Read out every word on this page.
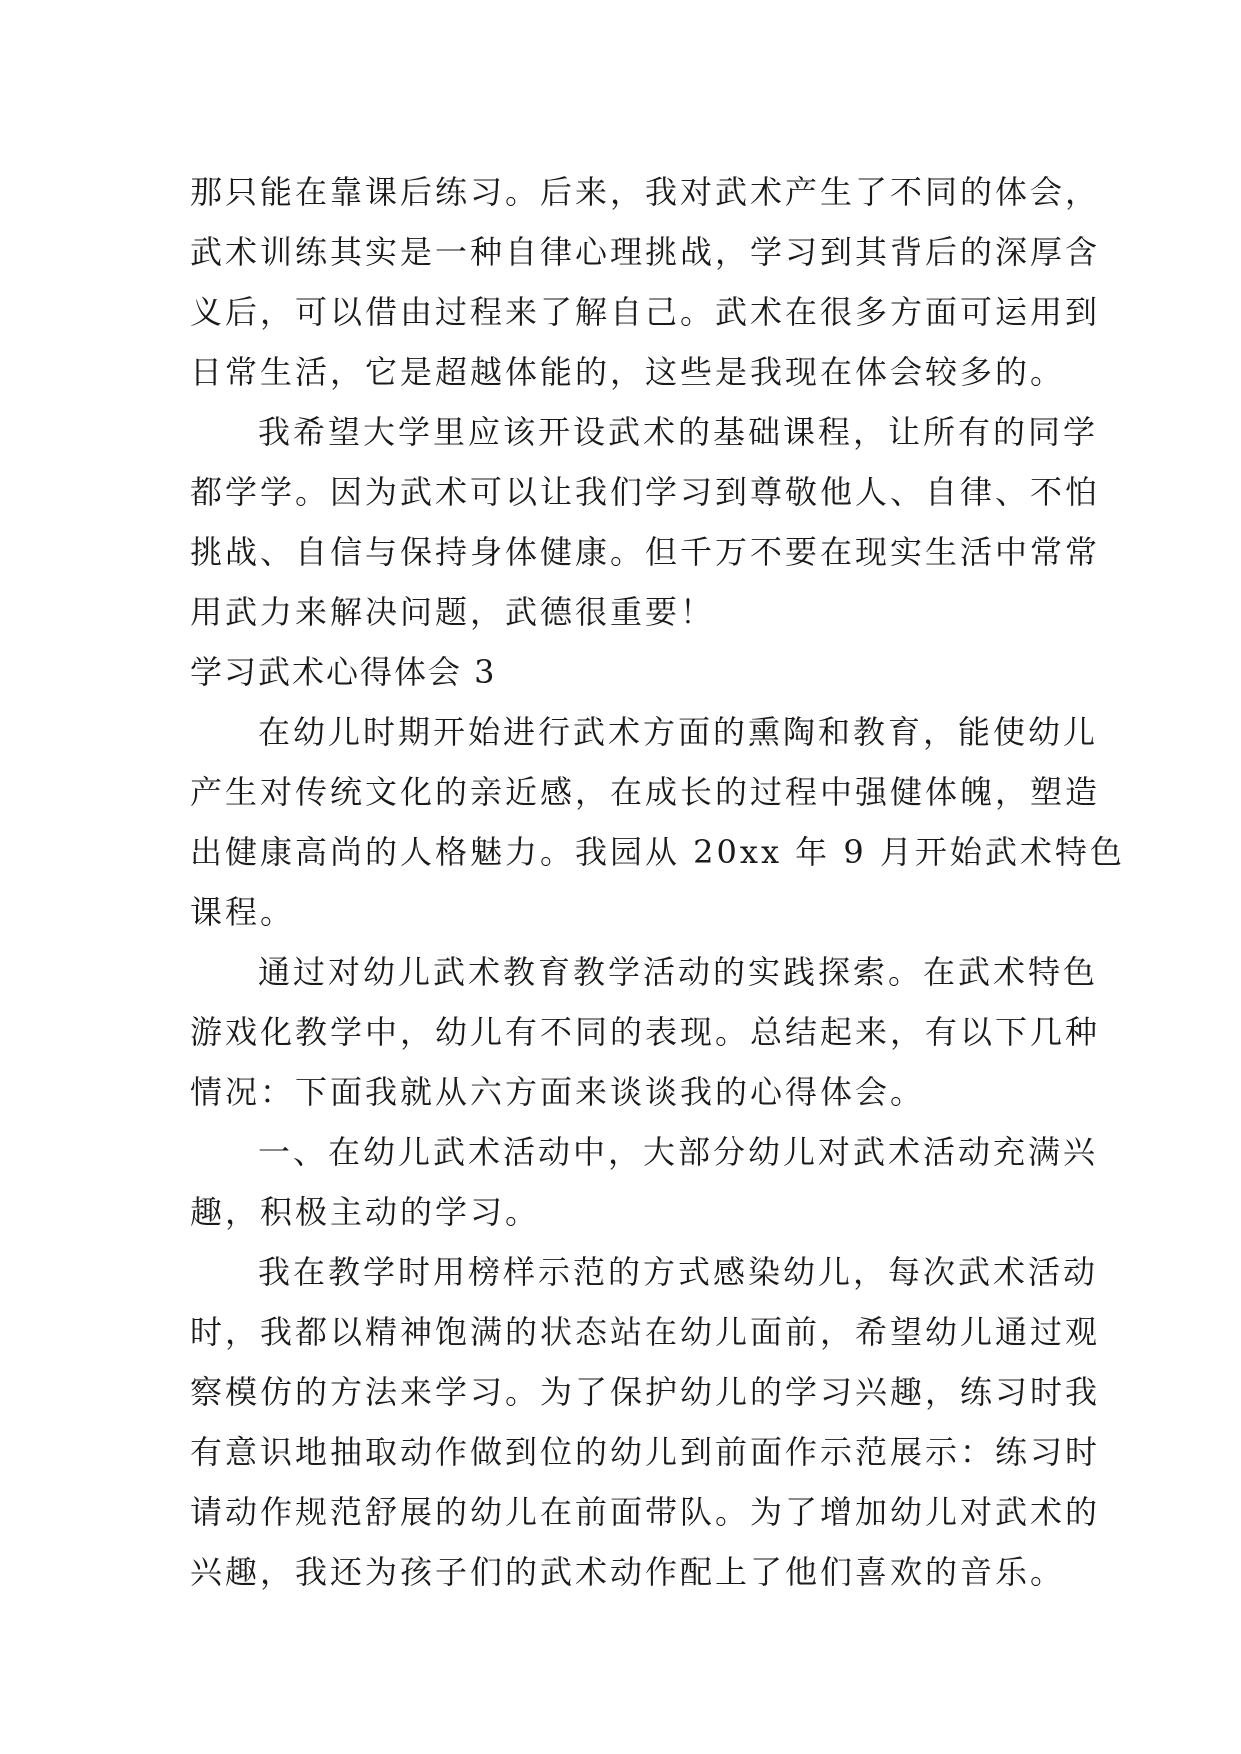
那只能在靠课后练习。后来，我对武术产生了不同的体会，
武术训练其实是一种自律心理挑战，学习到其背后的深厚含
义后，可以借由过程来了解自己。武术在很多方面可运用到
日常生活，它是超越体能的，这些是我现在体会较多的。
我希望大学里应该开设武术的基础课程，让所有的同学
都学学。因为武术可以让我们学习到尊敬他人、自律、不怕
挑战、自信与保持身体健康。但千万不要在现实生活中常常
用武力来解决问题，武德很重要！
学习武术心得体会 3
在幼儿时期开始进行武术方面的熏陶和教育，能使幼儿
产生对传统文化的亲近感，在成长的过程中强健体魄，塑造
出健康高尚的人格魅力。我园从 20xx 年 9 月开始武术特色
课程。
通过对幼儿武术教育教学活动的实践探索。在武术特色
游戏化教学中，幼儿有不同的表现。总结起来，有以下几种
情况：下面我就从六方面来谈谈我的心得体会。
一、在幼儿武术活动中，大部分幼儿对武术活动充满兴
趣，积极主动的学习。
我在教学时用榜样示范的方式感染幼儿，每次武术活动
时，我都以精神饱满的状态站在幼儿面前，希望幼儿通过观
察模仿的方法来学习。为了保护幼儿的学习兴趣，练习时我
有意识地抽取动作做到位的幼儿到前面作示范展示：练习时
请动作规范舒展的幼儿在前面带队。为了增加幼儿对武术的
兴趣，我还为孩子们的武术动作配上了他们喜欢的音乐。
